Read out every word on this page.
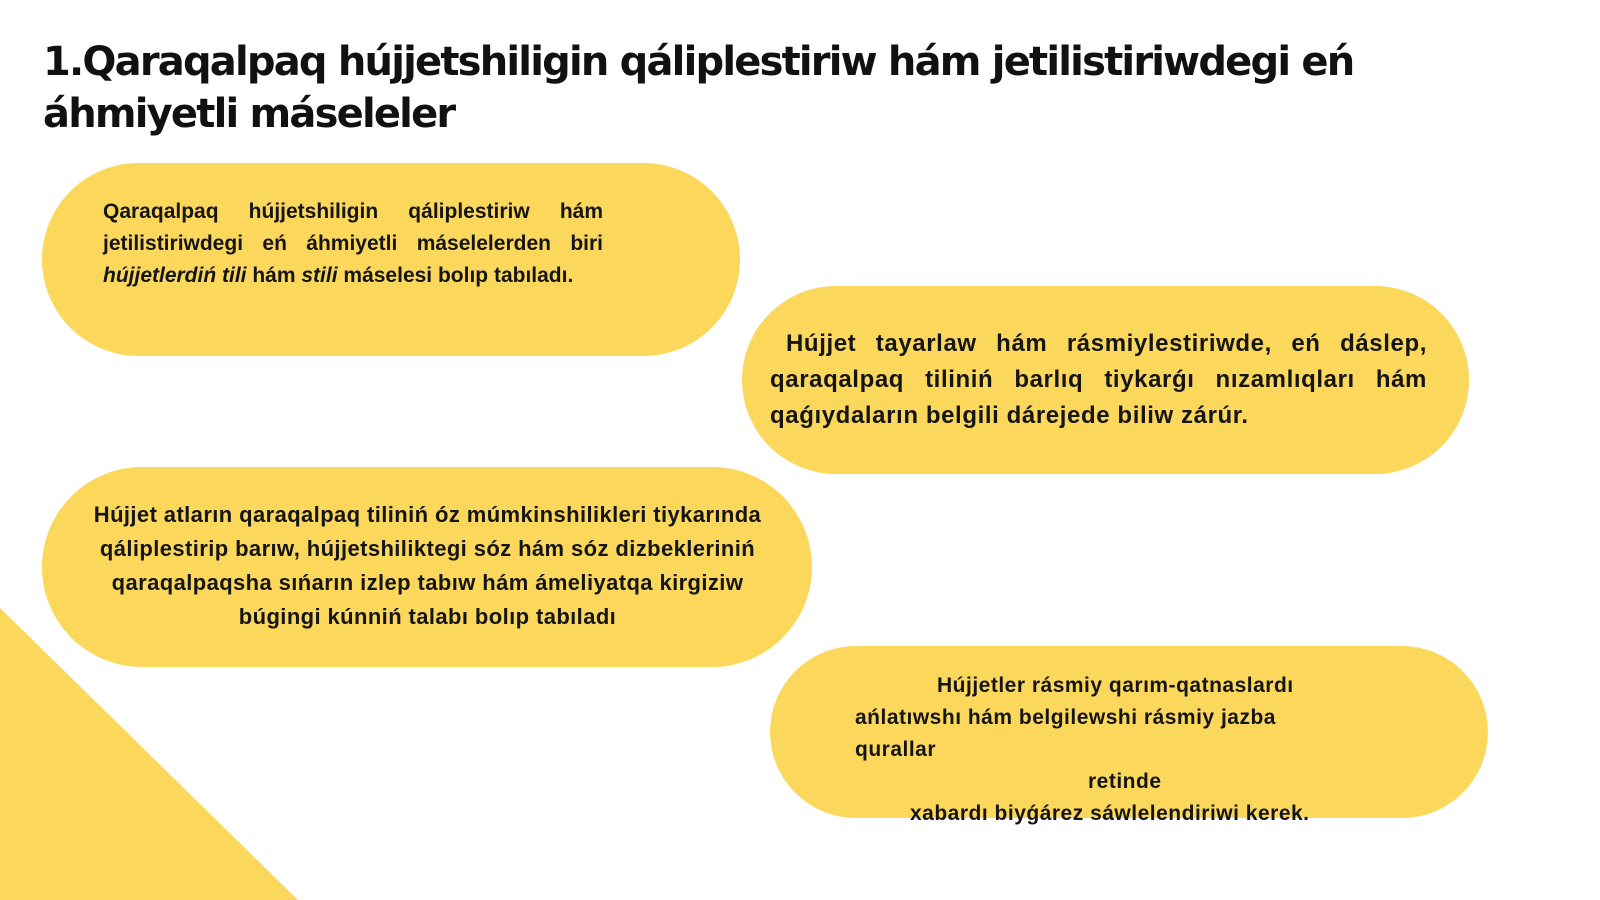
1.Qaraqalpaq hújjetshiligin qáliplestiriw hám jetilistiriwdegi eń áhmiyetli máseleler
Qaraqalpaq hújjetshiligin qáliplestiriw hám jetilistiriwdegi eń áhmiyetli máselelerden biri hújjetlerdiń tili hám stili máselesi bolıp tabıladı.
Hújjet tayarlaw hám rásmiylestiriwde, eń dáslep, qaraqalpaq tiliniń barlıq tiykarǵı nızamlıqları hám qaǵıydaların belgili dárejede biliw zárúr.
Hújjet atların qaraqalpaq tiliniń óz múmkinshilikleri tiykarında qáliplestirip barıw, hújjetshiliktegi sóz hám sóz dizbekleriniń qaraqalpaqsha sıńarın izlep tabıw hám ámeliyatqa kirgiziw búgingi kúnniń talabı bolıp tabıladı
Hújjetler rásmiy qarım-qatnaslardı
ańlatıwshı hám belgilewshi rásmiy jazba
qurallar
retinde
xabardı biyǵárez sáwlelendiriwi kerek.
